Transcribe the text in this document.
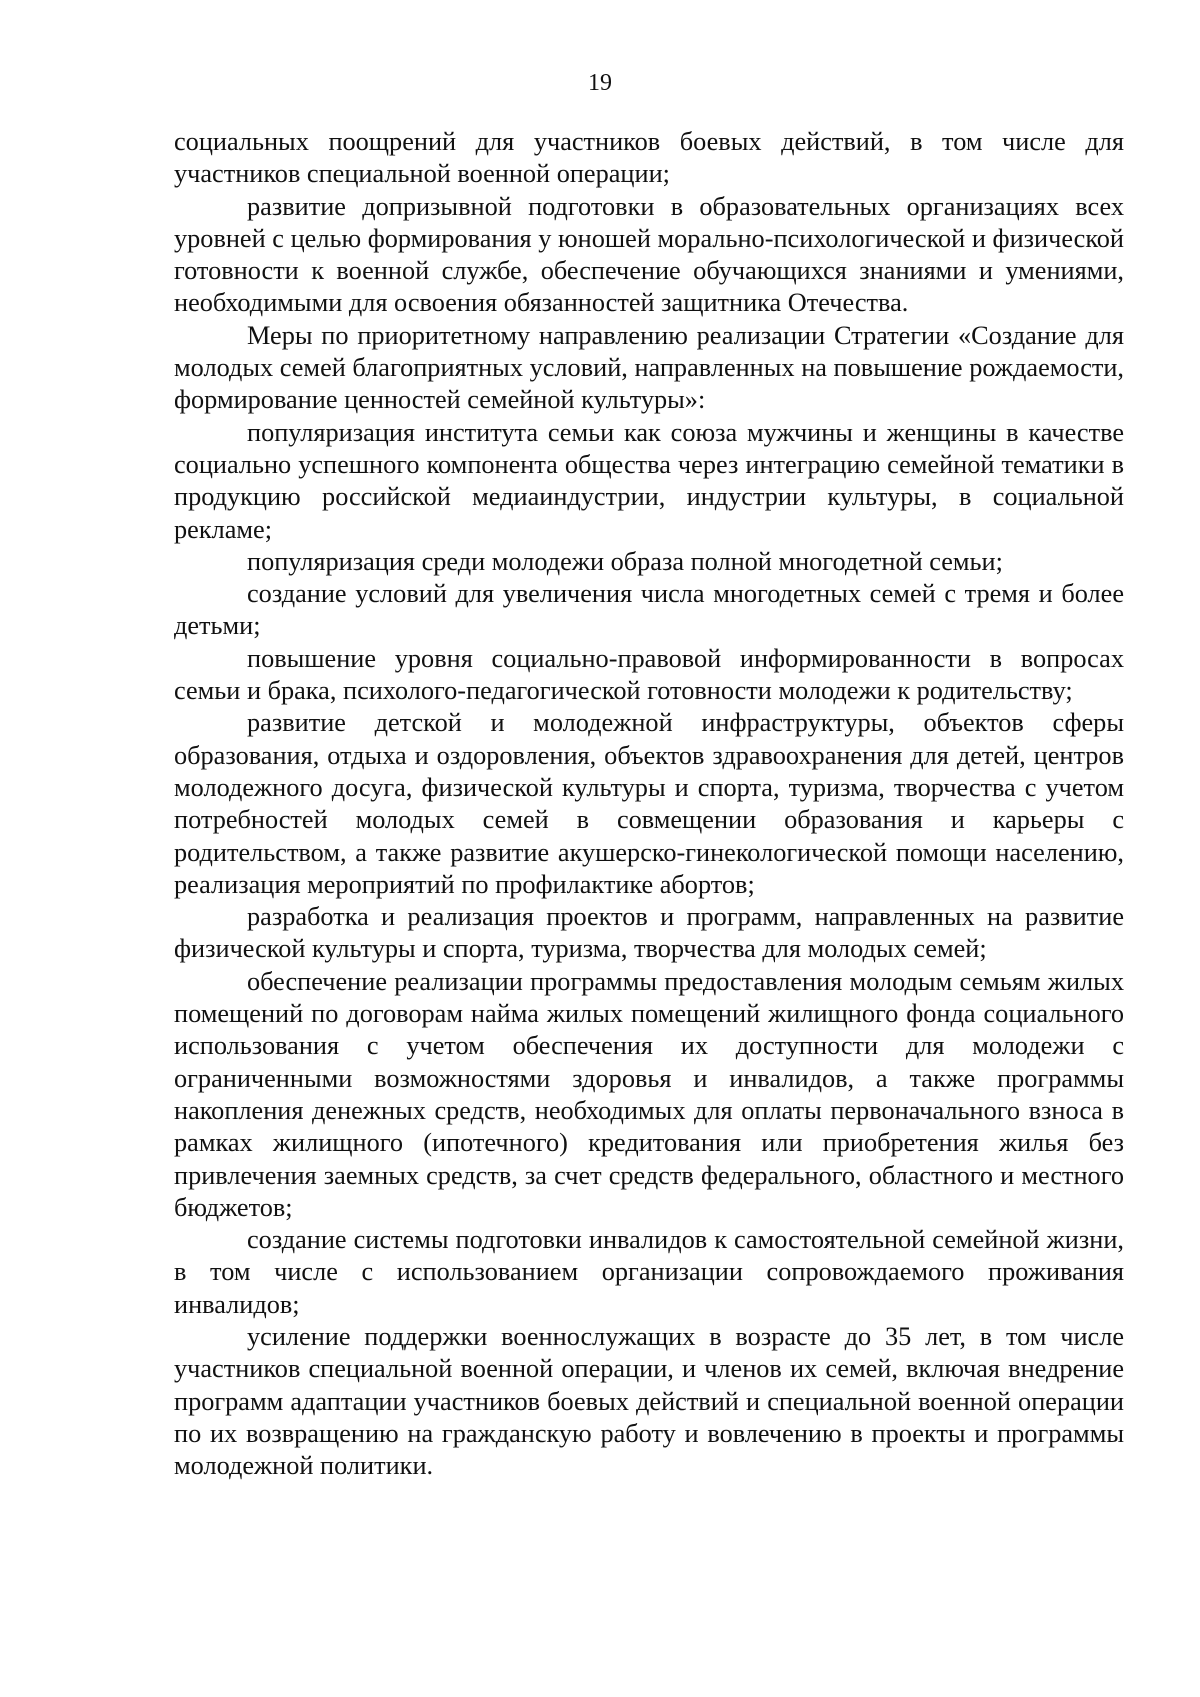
19

социальных поощрений для участников боевых действий, в том числе для участников специальной военной операции;

развитие допризывной подготовки в образовательных организациях всех уровней с целью формирования у юношей морально-психологической и физической готовности к военной службе, обеспечение обучающихся знаниями и умениями, необходимыми для освоения обязанностей защитника Отечества.

Меры по приоритетному направлению реализации Стратегии «Создание для молодых семей благоприятных условий, направленных на повышение рождаемости, формирование ценностей семейной культуры»:

популяризация института семьи как союза мужчины и женщины в качестве социально успешного компонента общества через интеграцию семейной тематики в продукцию российской медиаиндустрии, индустрии культуры, в социальной рекламе;

популяризация среди молодежи образа полной многодетной семьи;

создание условий для увеличения числа многодетных семей с тремя и более детьми;

повышение уровня социально-правовой информированности в вопросах семьи и брака, психолого-педагогической готовности молодежи к родительству;

развитие детской и молодежной инфраструктуры, объектов сферы образования, отдыха и оздоровления, объектов здравоохранения для детей, центров молодежного досуга, физической культуры и спорта, туризма, творчества с учетом потребностей молодых семей в совмещении образования и карьеры с родительством, а также развитие акушерско-гинекологической помощи населению, реализация мероприятий по профилактике абортов;

разработка и реализация проектов и программ, направленных на развитие физической культуры и спорта, туризма, творчества для молодых семей;

обеспечение реализации программы предоставления молодым семьям жилых помещений по договорам найма жилых помещений жилищного фонда социального использования с учетом обеспечения их доступности для молодежи с ограниченными возможностями здоровья и инвалидов, а также программы накопления денежных средств, необходимых для оплаты первоначального взноса в рамках жилищного (ипотечного) кредитования или приобретения жилья без привлечения заемных средств, за счет средств федерального, областного и местного бюджетов;

создание системы подготовки инвалидов к самостоятельной семейной жизни, в том числе с использованием организации сопровождаемого проживания инвалидов;

усиление поддержки военнослужащих в возрасте до 35 лет, в том числе участников специальной военной операции, и членов их семей, включая внедрение программ адаптации участников боевых действий и специальной военной операции по их возвращению на гражданскую работу и вовлечению в проекты и программы молодежной политики.
